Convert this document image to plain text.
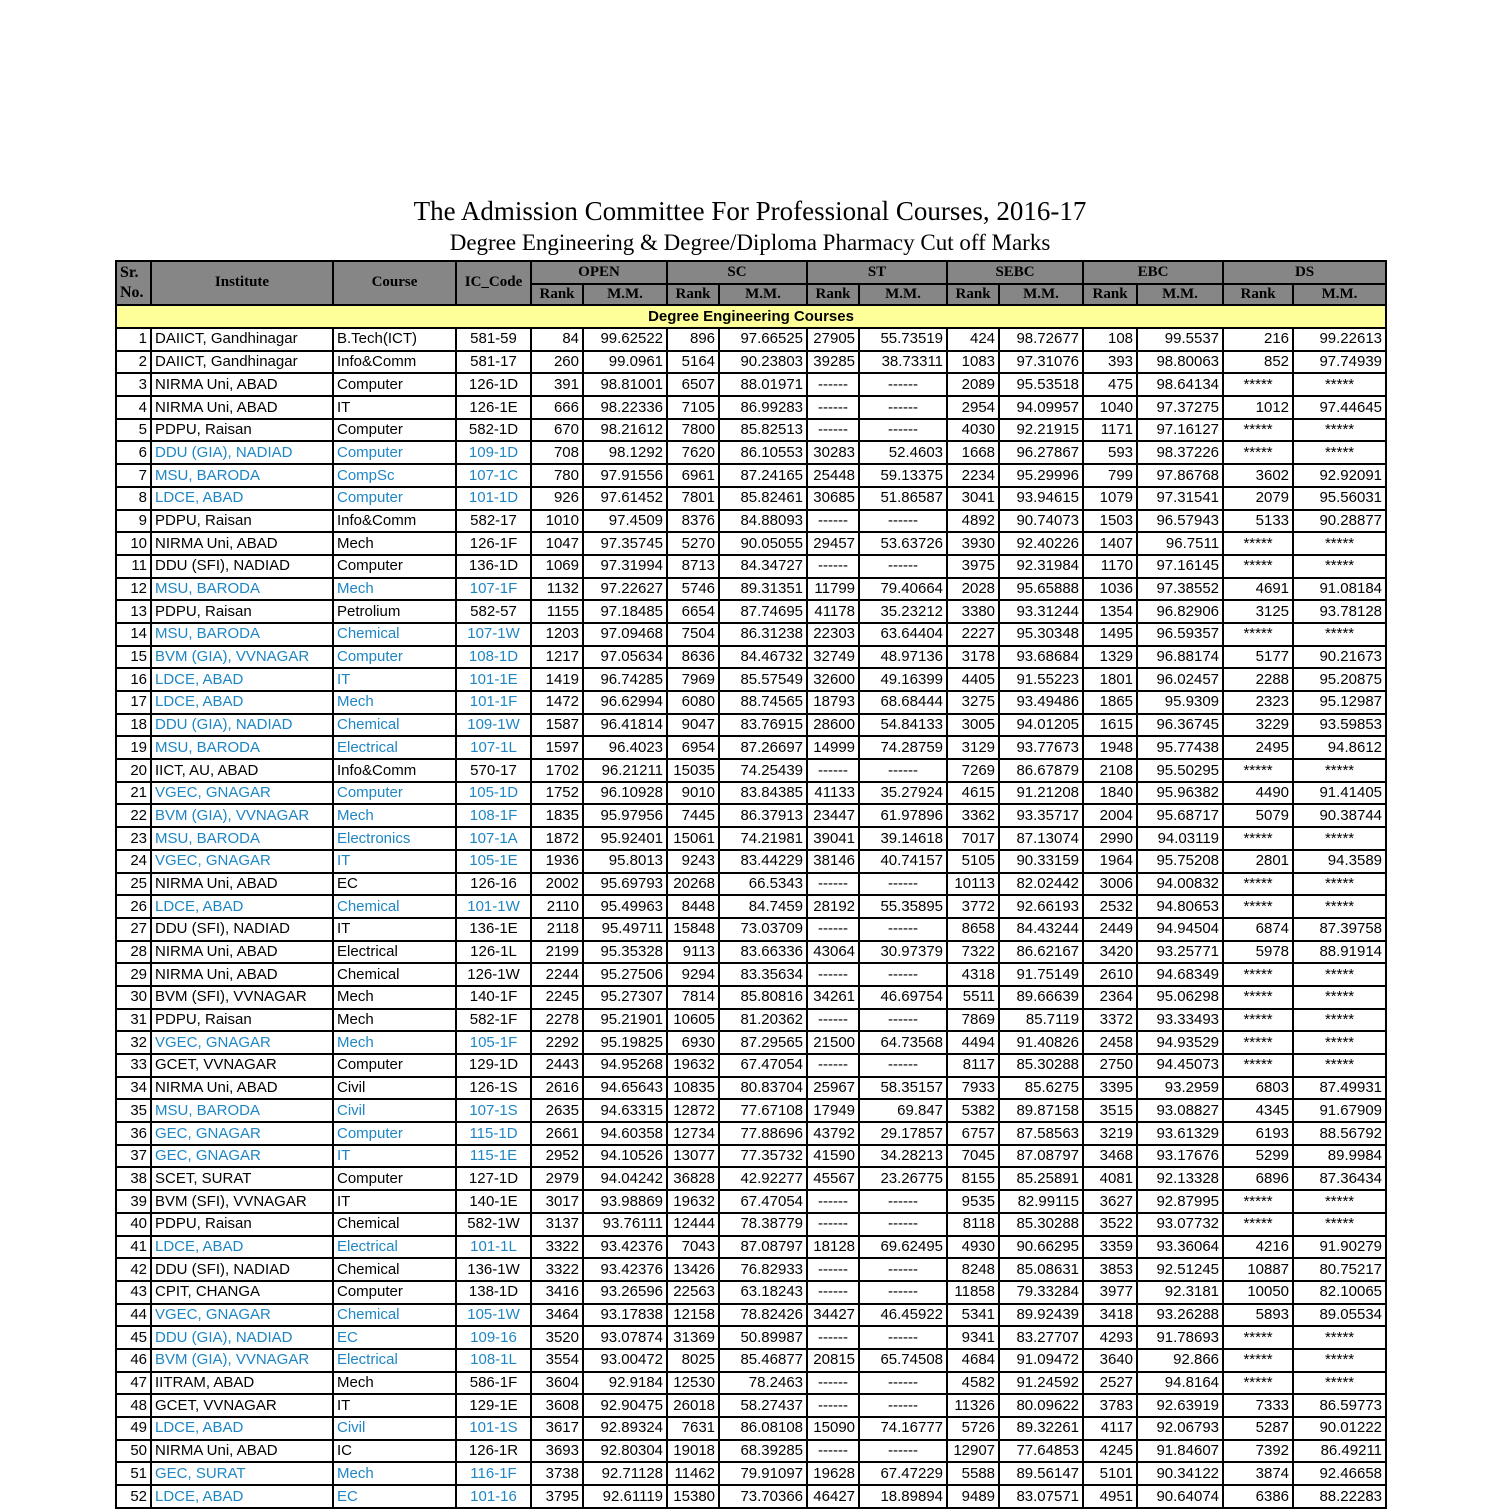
The Admission Committee For Professional Courses, 2016-17
Degree Engineering & Degree/Diploma Pharmacy Cut off Marks
Sr.
No.	Institute	Course	IC_Code	OPEN		SC		ST		SEBC		EBC		DS	
				Rank	M.M.	Rank	M.M.	Rank	M.M.	Rank	M.M.	Rank	M.M.	Rank	M.M.
Degree Engineering Courses															
1	DAIICT, Gandhinagar	B.Tech(ICT)	581-59	84	99.62522	896	97.66525	27905	55.73519	424	98.72677	108	99.5537	216	99.22613
2	DAIICT, Gandhinagar	Info&Comm	581-17	260	99.0961	5164	90.23803	39285	38.73311	1083	97.31076	393	98.80063	852	97.74939
3	NIRMA Uni, ABAD	Computer	126-1D	391	98.81001	6507	88.01971	------	------	2089	95.53518	475	98.64134	*****	*****
4	NIRMA Uni, ABAD	IT	126-1E	666	98.22336	7105	86.99283	------	------	2954	94.09957	1040	97.37275	1012	97.44645
5	PDPU, Raisan	Computer	582-1D	670	98.21612	7800	85.82513	------	------	4030	92.21915	1171	97.16127	*****	*****
6	DDU (GIA), NADIAD	Computer	109-1D	708	98.1292	7620	86.10553	30283	52.4603	1668	96.27867	593	98.37226	*****	*****
7	MSU, BARODA	CompSc	107-1C	780	97.91556	6961	87.24165	25448	59.13375	2234	95.29996	799	97.86768	3602	92.92091
8	LDCE, ABAD	Computer	101-1D	926	97.61452	7801	85.82461	30685	51.86587	3041	93.94615	1079	97.31541	2079	95.56031
9	PDPU, Raisan	Info&Comm	582-17	1010	97.4509	8376	84.88093	------	------	4892	90.74073	1503	96.57943	5133	90.28877
10	NIRMA Uni, ABAD	Mech	126-1F	1047	97.35745	5270	90.05055	29457	53.63726	3930	92.40226	1407	96.7511	*****	*****
11	DDU (SFI), NADIAD	Computer	136-1D	1069	97.31994	8713	84.34727	------	------	3975	92.31984	1170	97.16145	*****	*****
12	MSU, BARODA	Mech	107-1F	1132	97.22627	5746	89.31351	11799	79.40664	2028	95.65888	1036	97.38552	4691	91.08184
13	PDPU, Raisan	Petrolium	582-57	1155	97.18485	6654	87.74695	41178	35.23212	3380	93.31244	1354	96.82906	3125	93.78128
14	MSU, BARODA	Chemical	107-1W	1203	97.09468	7504	86.31238	22303	63.64404	2227	95.30348	1495	96.59357	*****	*****
15	BVM (GIA), VVNAGAR	Computer	108-1D	1217	97.05634	8636	84.46732	32749	48.97136	3178	93.68684	1329	96.88174	5177	90.21673
16	LDCE, ABAD	IT	101-1E	1419	96.74285	7969	85.57549	32600	49.16399	4405	91.55223	1801	96.02457	2288	95.20875
17	LDCE, ABAD	Mech	101-1F	1472	96.62994	6080	88.74565	18793	68.68444	3275	93.49486	1865	95.9309	2323	95.12987
18	DDU (GIA), NADIAD	Chemical	109-1W	1587	96.41814	9047	83.76915	28600	54.84133	3005	94.01205	1615	96.36745	3229	93.59853
19	MSU, BARODA	Electrical	107-1L	1597	96.4023	6954	87.26697	14999	74.28759	3129	93.77673	1948	95.77438	2495	94.8612
20	IICT, AU, ABAD	Info&Comm	570-17	1702	96.21211	15035	74.25439	------	------	7269	86.67879	2108	95.50295	*****	*****
21	VGEC, GNAGAR	Computer	105-1D	1752	96.10928	9010	83.84385	41133	35.27924	4615	91.21208	1840	95.96382	4490	91.41405
22	BVM (GIA), VVNAGAR	Mech	108-1F	1835	95.97956	7445	86.37913	23447	61.97896	3362	93.35717	2004	95.68717	5079	90.38744
23	MSU, BARODA	Electronics	107-1A	1872	95.92401	15061	74.21981	39041	39.14618	7017	87.13074	2990	94.03119	*****	*****
24	VGEC, GNAGAR	IT	105-1E	1936	95.8013	9243	83.44229	38146	40.74157	5105	90.33159	1964	95.75208	2801	94.3589
25	NIRMA Uni, ABAD	EC	126-16	2002	95.69793	20268	66.5343	------	------	10113	82.02442	3006	94.00832	*****	*****
26	LDCE, ABAD	Chemical	101-1W	2110	95.49963	8448	84.7459	28192	55.35895	3772	92.66193	2532	94.80653	*****	*****
27	DDU (SFI), NADIAD	IT	136-1E	2118	95.49711	15848	73.03709	------	------	8658	84.43244	2449	94.94504	6874	87.39758
28	NIRMA Uni, ABAD	Electrical	126-1L	2199	95.35328	9113	83.66336	43064	30.97379	7322	86.62167	3420	93.25771	5978	88.91914
29	NIRMA Uni, ABAD	Chemical	126-1W	2244	95.27506	9294	83.35634	------	------	4318	91.75149	2610	94.68349	*****	*****
30	BVM (SFI), VVNAGAR	Mech	140-1F	2245	95.27307	7814	85.80816	34261	46.69754	5511	89.66639	2364	95.06298	*****	*****
31	PDPU, Raisan	Mech	582-1F	2278	95.21901	10605	81.20362	------	------	7869	85.7119	3372	93.33493	*****	*****
32	VGEC, GNAGAR	Mech	105-1F	2292	95.19825	6930	87.29565	21500	64.73568	4494	91.40826	2458	94.93529	*****	*****
33	GCET, VVNAGAR	Computer	129-1D	2443	94.95268	19632	67.47054	------	------	8117	85.30288	2750	94.45073	*****	*****
34	NIRMA Uni, ABAD	Civil	126-1S	2616	94.65643	10835	80.83704	25967	58.35157	7933	85.6275	3395	93.2959	6803	87.49931
35	MSU, BARODA	Civil	107-1S	2635	94.63315	12872	77.67108	17949	69.847	5382	89.87158	3515	93.08827	4345	91.67909
36	GEC, GNAGAR	Computer	115-1D	2661	94.60358	12734	77.88696	43792	29.17857	6757	87.58563	3219	93.61329	6193	88.56792
37	GEC, GNAGAR	IT	115-1E	2952	94.10526	13077	77.35732	41590	34.28213	7045	87.08797	3468	93.17676	5299	89.9984
38	SCET, SURAT	Computer	127-1D	2979	94.04242	36828	42.92277	45567	23.26775	8155	85.25891	4081	92.13328	6896	87.36434
39	BVM (SFI), VVNAGAR	IT	140-1E	3017	93.98869	19632	67.47054	------	------	9535	82.99115	3627	92.87995	*****	*****
40	PDPU, Raisan	Chemical	582-1W	3137	93.76111	12444	78.38779	------	------	8118	85.30288	3522	93.07732	*****	*****
41	LDCE, ABAD	Electrical	101-1L	3322	93.42376	7043	87.08797	18128	69.62495	4930	90.66295	3359	93.36064	4216	91.90279
42	DDU (SFI), NADIAD	Chemical	136-1W	3322	93.42376	13426	76.82933	------	------	8248	85.08631	3853	92.51245	10887	80.75217
43	CPIT, CHANGA	Computer	138-1D	3416	93.26596	22563	63.18243	------	------	11858	79.33284	3977	92.3181	10050	82.10065
44	VGEC, GNAGAR	Chemical	105-1W	3464	93.17838	12158	78.82426	34427	46.45922	5341	89.92439	3418	93.26288	5893	89.05534
45	DDU (GIA), NADIAD	EC	109-16	3520	93.07874	31369	50.89987	------	------	9341	83.27707	4293	91.78693	*****	*****
46	BVM (GIA), VVNAGAR	Electrical	108-1L	3554	93.00472	8025	85.46877	20815	65.74508	4684	91.09472	3640	92.866	*****	*****
47	IITRAM, ABAD	Mech	586-1F	3604	92.9184	12530	78.2463	------	------	4582	91.24592	2527	94.8164	*****	*****
48	GCET, VVNAGAR	IT	129-1E	3608	92.90475	26018	58.27437	------	------	11326	80.09622	3783	92.63919	7333	86.59773
49	LDCE, ABAD	Civil	101-1S	3617	92.89324	7631	86.08108	15090	74.16777	5726	89.32261	4117	92.06793	5287	90.01222
50	NIRMA Uni, ABAD	IC	126-1R	3693	92.80304	19018	68.39285	------	------	12907	77.64853	4245	91.84607	7392	86.49211
51	GEC, SURAT	Mech	116-1F	3738	92.71128	11462	79.91097	19628	67.47229	5588	89.56147	5101	90.34122	3874	92.46658
52	LDCE, ABAD	EC	101-16	3795	92.61119	15380	73.70366	46427	18.89894	9489	83.07571	4951	90.64074	6386	88.22283
